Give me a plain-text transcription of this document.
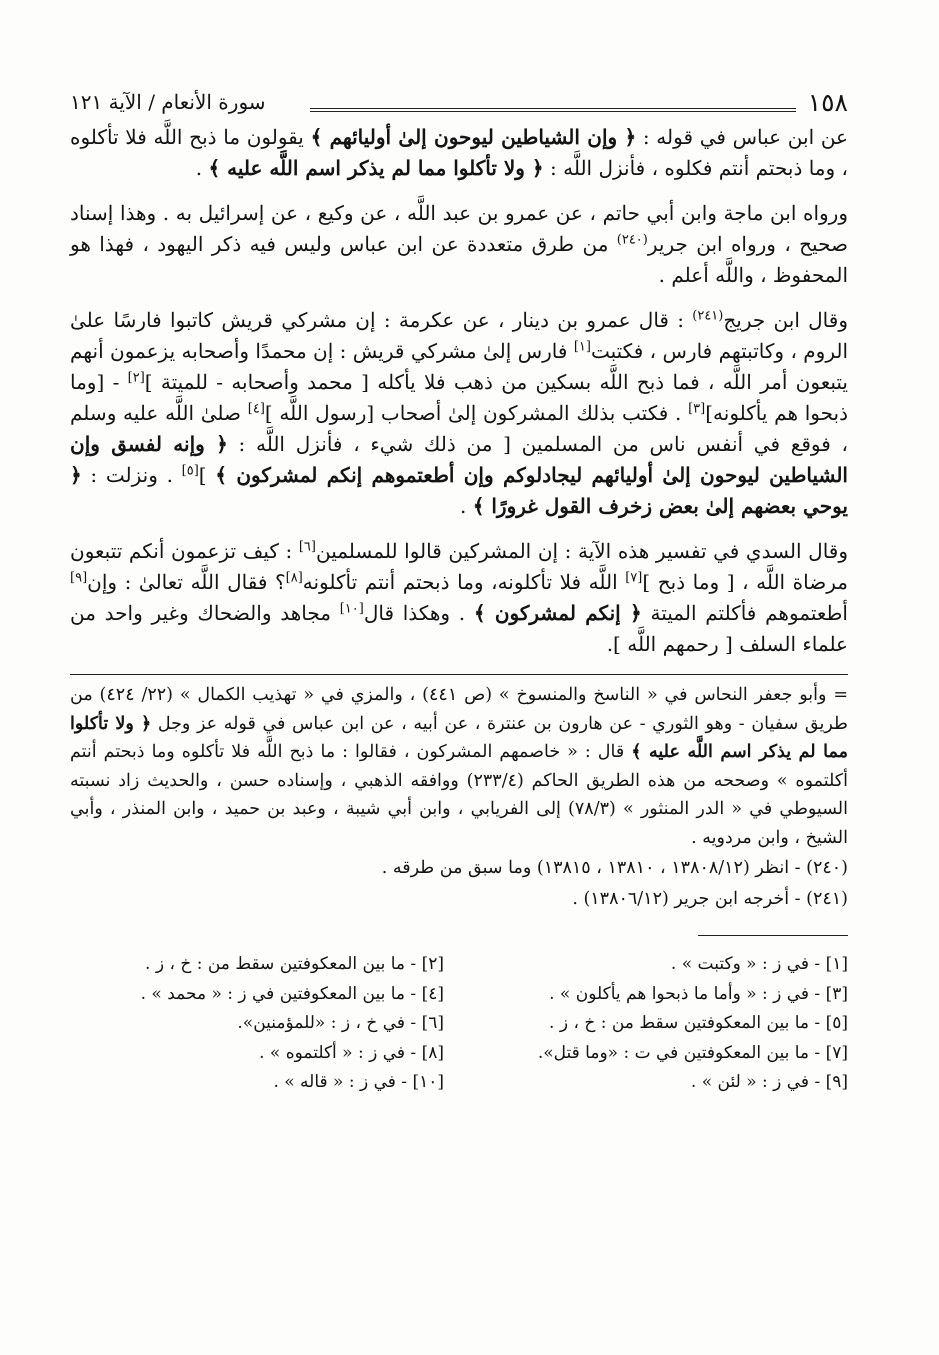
١٥٨
سورة الأنعام / الآية ١٢١

عن ابن عباس في قوله : ﴿ وإن الشياطين ليوحون إلىٰ أوليائهم ﴾ يقولون ما ذبح اللَّه فلا تأكلوه ، وما ذبحتم أنتم فكلوه ، فأنزل اللَّه : ﴿ ولا تأكلوا مما لم يذكر اسم اللَّه عليه ﴾ .

ورواه ابن ماجة وابن أبي حاتم ، عن عمرو بن عبد اللَّه ، عن وكيع ، عن إسرائيل به . وهذا إسناد صحيح ، ورواه ابن جرير$^{(٢٤٠)}$ من طرق متعددة عن ابن عباس وليس فيه ذكر اليهود ، فهذا هو المحفوظ ، واللَّه أعلم .

وقال ابن جريج$^{(٢٤١)}$ : قال عمرو بن دينار ، عن عكرمة : إن مشركي قريش كاتبوا فارسًا علىٰ الروم ، وكاتبتهم فارس ، فكتبت[١] فارس إلىٰ مشركي قريش : إن محمدًا وأصحابه يزعمون أنهم يتبعون أمر اللَّه ، فما ذبح اللَّه بسكين من ذهب فلا يأكله [ محمد وأصحابه - للميتة ][٢] - [وما ذبحوا هم يأكلونه][٣] . فكتب بذلك المشركون إلىٰ أصحاب [رسول اللَّه ][٤] صلىٰ اللَّه عليه وسلم ، فوقع في أنفس ناس من المسلمين [ من ذلك شيء ، فأنزل اللَّه : ﴿ وإنه لفسق وإن الشياطين ليوحون إلىٰ أوليائهم ليجادلوكم وإن أطعتموهم إنكم لمشركون ﴾ ][٥] . ونزلت : ﴿ يوحي بعضهم إلىٰ بعض زخرف القول غرورًا ﴾ .

وقال السدي في تفسير هذه الآية : إن المشركين قالوا للمسلمين[٦] : كيف تزعمون أنكم تتبعون مرضاة اللَّه ، [ وما ذبح ][٧] اللَّه فلا تأكلونه، وما ذبحتم أنتم تأكلونه[٨]؟ فقال اللَّه تعالىٰ : وإن[٩] أطعتموهم فأكلتم الميتة ﴿ إنكم لمشركون ﴾ . وهكذا قال[١٠] مجاهد والضحاك وغير واحد من علماء السلف [ رحمهم اللَّه ].

= وأبو جعفر النحاس في « الناسخ والمنسوخ » (ص ٤٤١) ، والمزي في « تهذيب الكمال » (٢٢/ ٤٢٤) من طريق سفيان - وهو الثوري - عن هارون بن عنترة ، عن أبيه ، عن ابن عباس في قوله عز وجل ﴿ ولا تأكلوا مما لم يذكر اسم اللَّه عليه ﴾ قال : « خاصمهم المشركون ، فقالوا : ما ذبح اللَّه فلا تأكلوه وما ذبحتم أنتم أكلتموه » وصححه من هذه الطريق الحاكم (٢٣٣/٤) ووافقه الذهبي ، وإسناده حسن ، والحديث زاد نسبته السيوطي في « الدر المنثور » (٧٨/٣) إلى الفريابي ، وابن أبي شيبة ، وعبد بن حميد ، وابن المنذر ، وأبي الشيخ ، وابن مردويه .

(٢٤٠) - انظر (١٣٨٠٨/١٢ ، ١٣٨١٠ ، ١٣٨١٥) وما سبق من طرقه .

(٢٤١) - أخرجه ابن جرير (١٣٨٠٦/١٢) .

[١] - في ز : « وكتبت » .
[٢] - ما بين المعكوفتين سقط من : خ ، ز .
[٣] - في ز : « وأما ما ذبحوا هم يأكلون » .
[٤] - ما بين المعكوفتين في ز : « محمد » .
[٥] - ما بين المعكوفتين سقط من : خ ، ز .
[٦] - في خ ، ز : «للمؤمنين».
[٧] - ما بين المعكوفتين في ت : «وما قتل».
[٨] - في ز : « أكلتموه » .
[٩] - في ز : « لئن » .
[١٠] - في ز : « قاله » .
